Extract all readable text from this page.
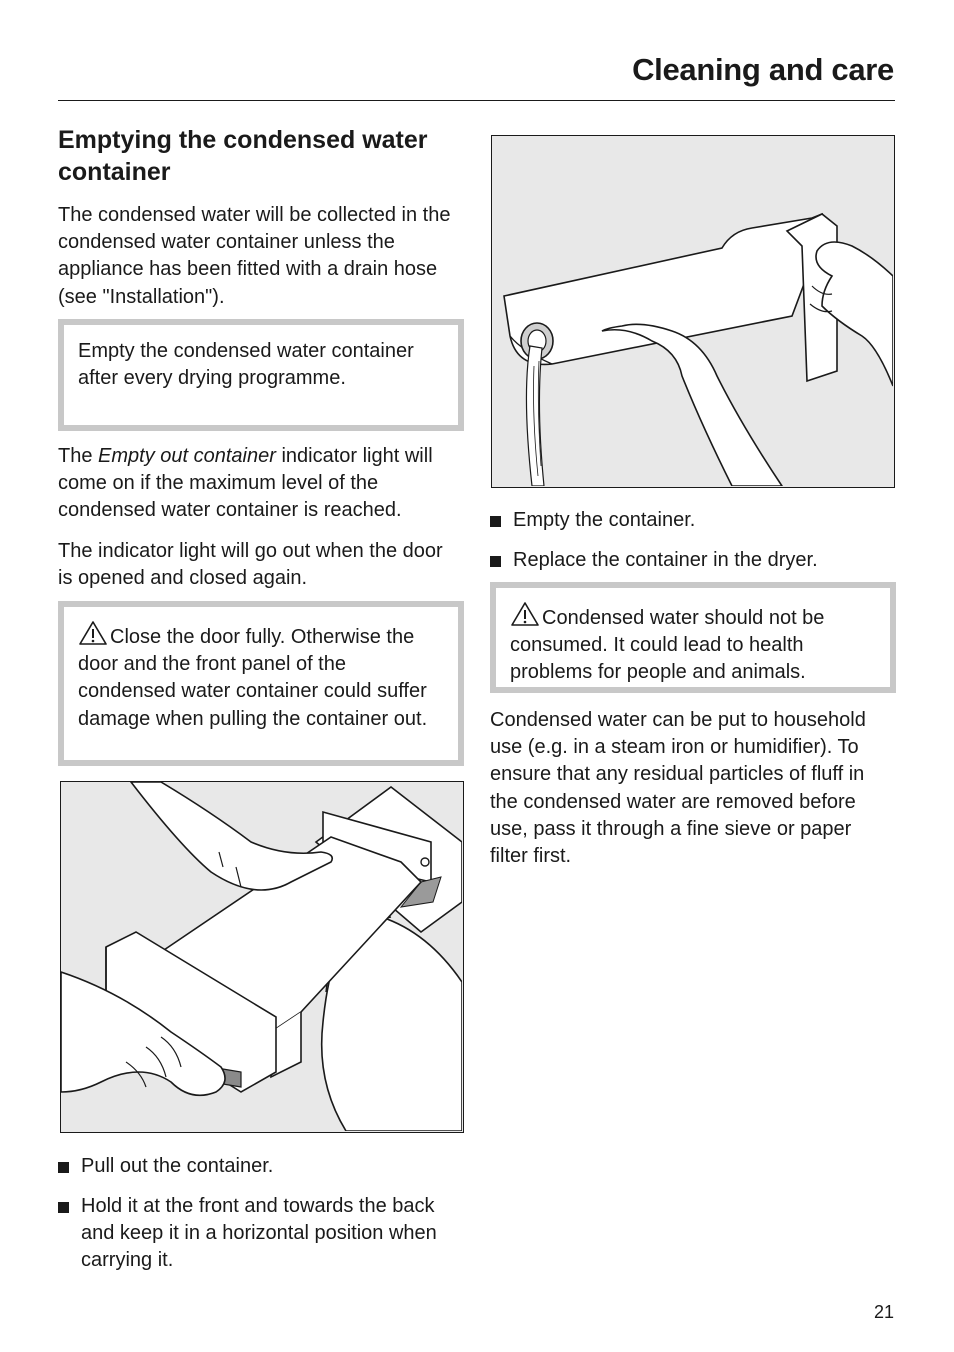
Cleaning and care
Emptying the condensed water container

The condensed water will be collected in the condensed water container unless the appliance has been fitted with a drain hose (see "Installation").

Empty the condensed water container after every drying programme.

The Empty out container indicator light will come on if the maximum level of the condensed water container is reached.

The indicator light will go out when the door is opened and closed again.

Close the door fully. Otherwise the door and the front panel of the condensed water container could suffer damage when pulling the container out.
Pull out the container.
Hold it at the front and towards the back and keep it in a horizontal position when carrying it.
Empty the container.
Replace the container in the dryer.
Condensed water should not be consumed. It could lead to health problems for people and animals.

Condensed water can be put to household use (e.g. in a steam iron or humidifier). To ensure that any residual particles of fluff in the condensed water are removed before use, pass it through a fine sieve or paper filter first.

21
